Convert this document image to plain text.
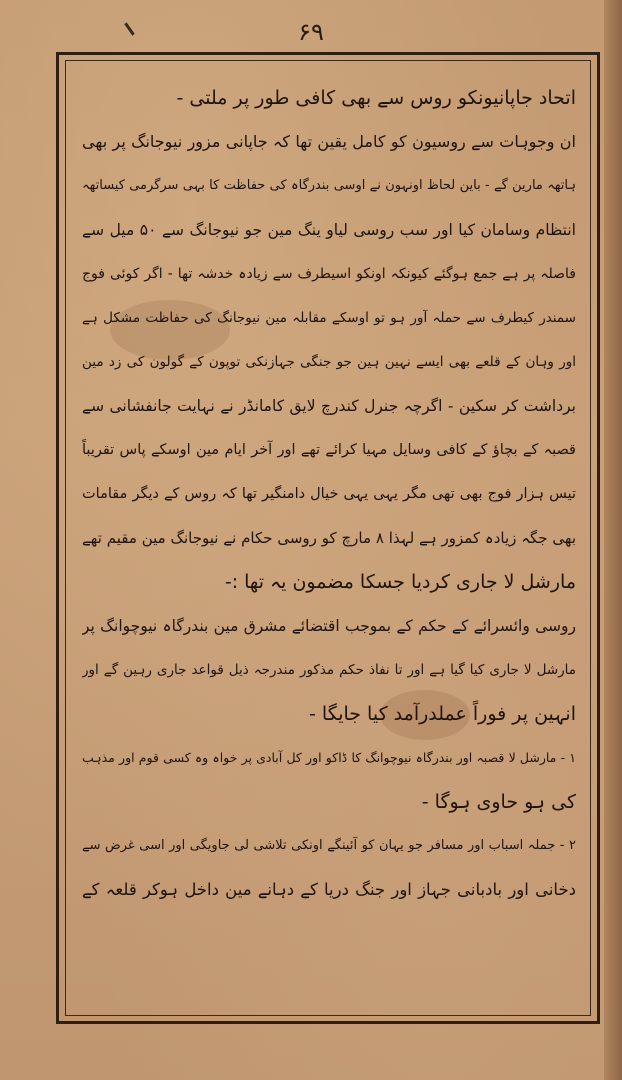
۶۹
اتحاد جاپانیونکو روس سے بھی کافی طور پر ملتی -
ان وجوہات سے روسیون کو کامل یقین تھا کہ جاپانی مزور نیوجانگ پر بھی
ہاتھہ مارین گے - باین لحاظ اونہون نے اوسی بندرگاہ کی حفاظت کا بہی سرگرمی کیساتھہ
انتظام وسامان کیا اور سب روسی لیاو ینگ مین جو نیوجانگ سے ۵۰ میل سے
فاصلہ پر ہے جمع ہوگئے کیونکہ اونکو اسیطرف سے زیادہ خدشہ تھا - اگر کوئی فوج
سمندر کیطرف سے حملہ آور ہو تو اوسکے مقابلہ مین نیوجانگ کی حفاظت مشکل ہے
اور وہان کے قلعے بھی ایسے نہین ہین جو جنگی جہازنکی توپون کے گولون کی زد مین
برداشت کر سکین - اگرچہ جنرل کندرچ لایق کامانڈر نے نہایت جانفشانی سے
قصبہ کے بچاؤ کے کافی وسایل مہیا کرائے تھے اور آخر ایام مین اوسکے پاس تقریباً
تیس ہزار فوج بھی تھی مگر یہی یہی خیال دامنگیر تھا کہ روس کے دیگر مقامات
بھی جگہ زیادہ کمزور ہے لہذا ۸ مارچ کو روسی حکام نے نیوجانگ مین مقیم تھے
مارشل لا جاری کردیا جسکا مضمون یہ تھا :-
روسی وائسرائے کے حکم کے بموجب اقتضائے مشرق مین بندرگاہ نیوچوانگ پر
مارشل لا جاری کیا گیا ہے اور تا نفاذ حکم مذکور مندرجہ ذیل قواعد جاری رہین گے اور
انہین پر فوراً عملدرآمد کیا جایگا -
۱ - مارشل لا قصبہ اور بندرگاہ نیوچوانگ کا ڈاکو اور کل آبادی پر خواہ وہ کسی قوم اور مذہب
کی ہو حاوی ہوگا -
۲ - جملہ اسباب اور مسافر جو یہان کو آئینگے اونکی تلاشی لی جاویگی اور اسی غرض سے
دخانی اور بادبانی جہاز اور جنگ دریا کے دہانے مین داخل ہوکر قلعہ کے
